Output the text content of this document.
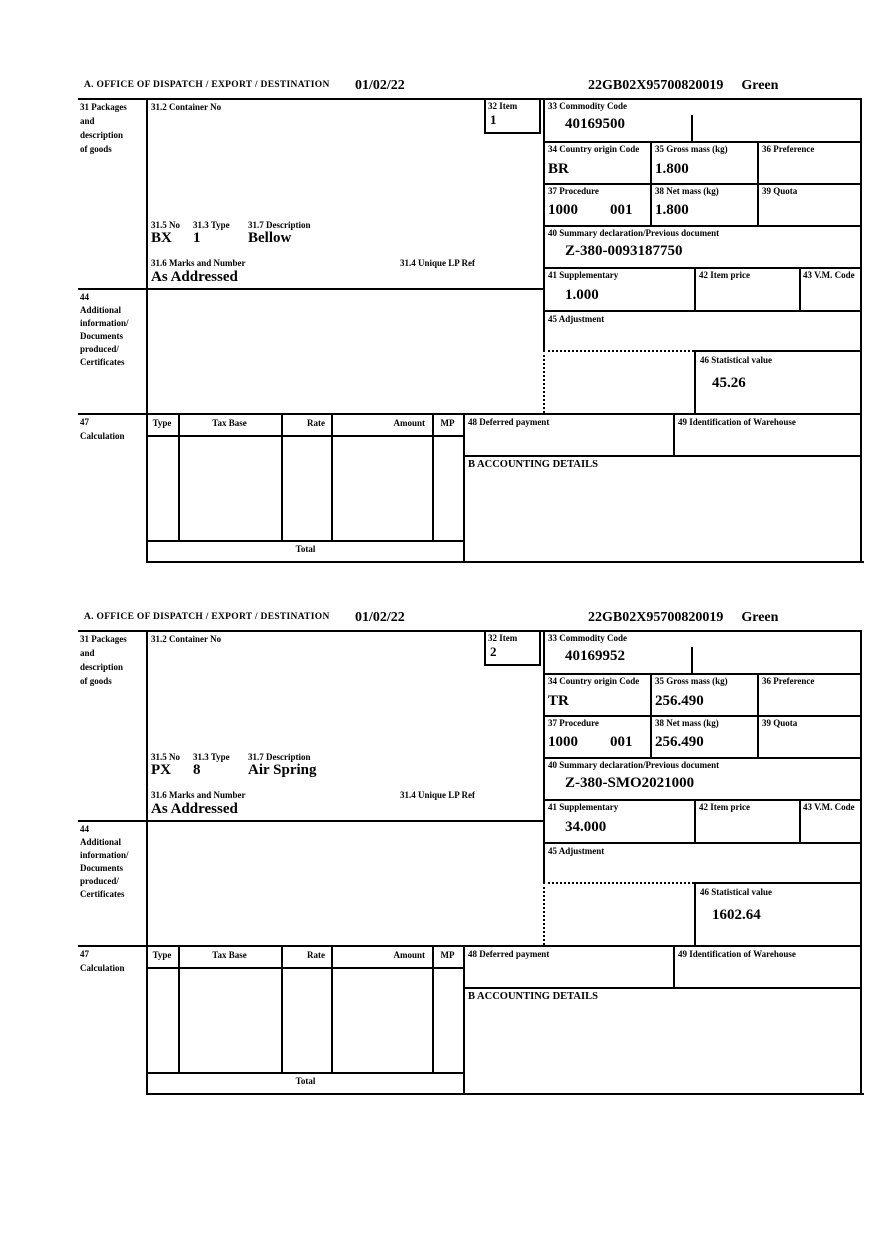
A. OFFICE OF DISPATCH / EXPORT / DESTINATION 01/02/22	22GB02X95700820019 Green
31 Packages
and
description
of goods
31.2 Container No	32 Item
1
31.5 No 31.3 Type 31.7 Description
BX 1	Bellow
31.6 Marks and Number	31.4 Unique LP Ref
As Addressed
33 Commodity Code
40169500
34 Country origin Code
BR
35 Gross mass (kg)
1.800
36 Preference
37 Procedure
1000 001
38 Net mass (kg)
1.800
39 Quota
40 Summary declaration/Previous document
Z-380-0093187750
41 Supplementary
1.000
42 Item price	43 V.M. Code
45 Adjustment
46 Statistical value
45.26
44
Additional
information/
Documents
produced/
Certificates
47
Calculation
Type	Tax Base	Rate	Amount	MP
Total
48 Deferred payment	49 Identification of Warehouse
B ACCOUNTING DETAILS
A. OFFICE OF DISPATCH / EXPORT / DESTINATION 01/02/22	22GB02X95700820019 Green
31 Packages
and
description
of goods
31.2 Container No	32 Item
2
31.5 No 31.3 Type 31.7 Description
PX 8	Air Spring
31.6 Marks and Number	31.4 Unique LP Ref
As Addressed
33 Commodity Code
40169952
34 Country origin Code
TR
35 Gross mass (kg)
256.490
36 Preference
37 Procedure
1000 001
38 Net mass (kg)
256.490
39 Quota
40 Summary declaration/Previous document
Z-380-SMO2021000
41 Supplementary
34.000
42 Item price	43 V.M. Code
45 Adjustment
46 Statistical value
1602.64
44
Additional
information/
Documents
produced/
Certificates
47
Calculation
Type	Tax Base	Rate	Amount	MP
Total
48 Deferred payment	49 Identification of Warehouse
B ACCOUNTING DETAILS
